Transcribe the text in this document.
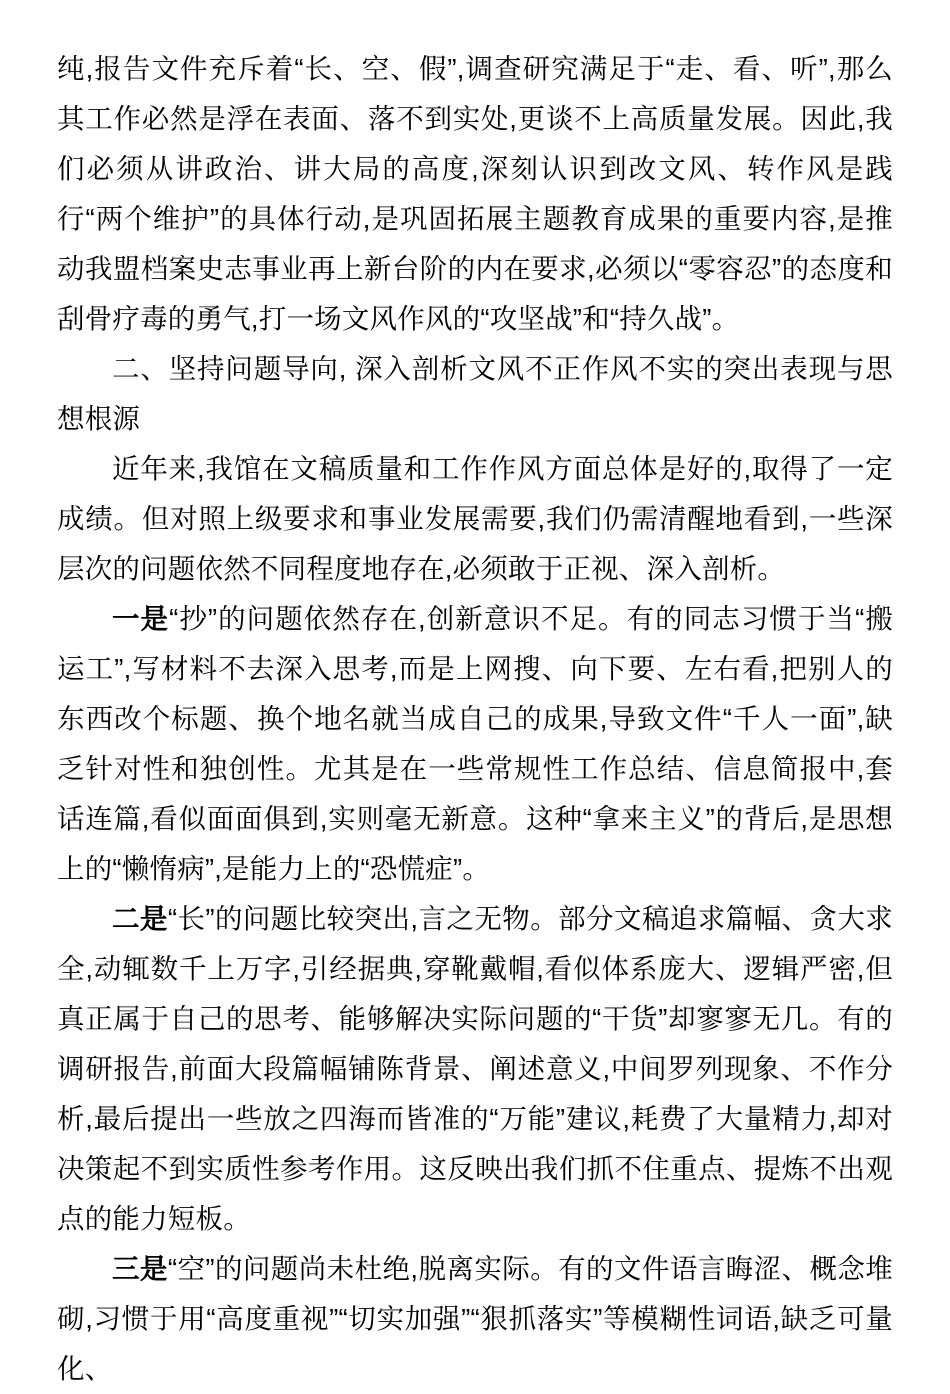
纯,报告文件充斥着“长、空、假”,调查研究满足于“走、看、听”,那么其工作必然是浮在表面、落不到实处,更谈不上高质量发展。因此,我们必须从讲政治、讲大局的高度,深刻认识到改文风、转作风是践行“两个维护”的具体行动,是巩固拓展主题教育成果的重要内容,是推动我盟档案史志事业再上新台阶的内在要求,必须以“零容忍”的态度和刮骨疗毒的勇气,打一场文风作风的“攻坚战”和“持久战”。

二、坚持问题导向, 深入剖析文风不正作风不实的突出表现与思想根源

近年来,我馆在文稿质量和工作作风方面总体是好的,取得了一定成绩。但对照上级要求和事业发展需要,我们仍需清醒地看到,一些深层次的问题依然不同程度地存在,必须敢于正视、深入剖析。

一是“抄”的问题依然存在,创新意识不足。有的同志习惯于当“搬运工”,写材料不去深入思考,而是上网搜、向下要、左右看,把别人的东西改个标题、换个地名就当成自己的成果,导致文件“千人一面”,缺乏针对性和独创性。尤其是在一些常规性工作总结、信息简报中,套话连篇,看似面面俱到,实则毫无新意。这种“拿来主义”的背后,是思想上的“懒惰病”,是能力上的“恐慌症”。

二是“长”的问题比较突出,言之无物。部分文稿追求篇幅、贪大求全,动辄数千上万字,引经据典,穿靴戴帽,看似体系庞大、逻辑严密,但真正属于自己的思考、能够解决实际问题的“干货”却寥寥无几。有的调研报告,前面大段篇幅铺陈背景、阐述意义,中间罗列现象、不作分析,最后提出一些放之四海而皆准的“万能”建议,耗费了大量精力,却对决策起不到实质性参考作用。这反映出我们抓不住重点、提炼不出观点的能力短板。

三是“空”的问题尚未杜绝,脱离实际。有的文件语言晦涩、概念堆砌,习惯于用“高度重视”“切实加强”“狠抓落实”等模糊性词语,缺乏可量化、
